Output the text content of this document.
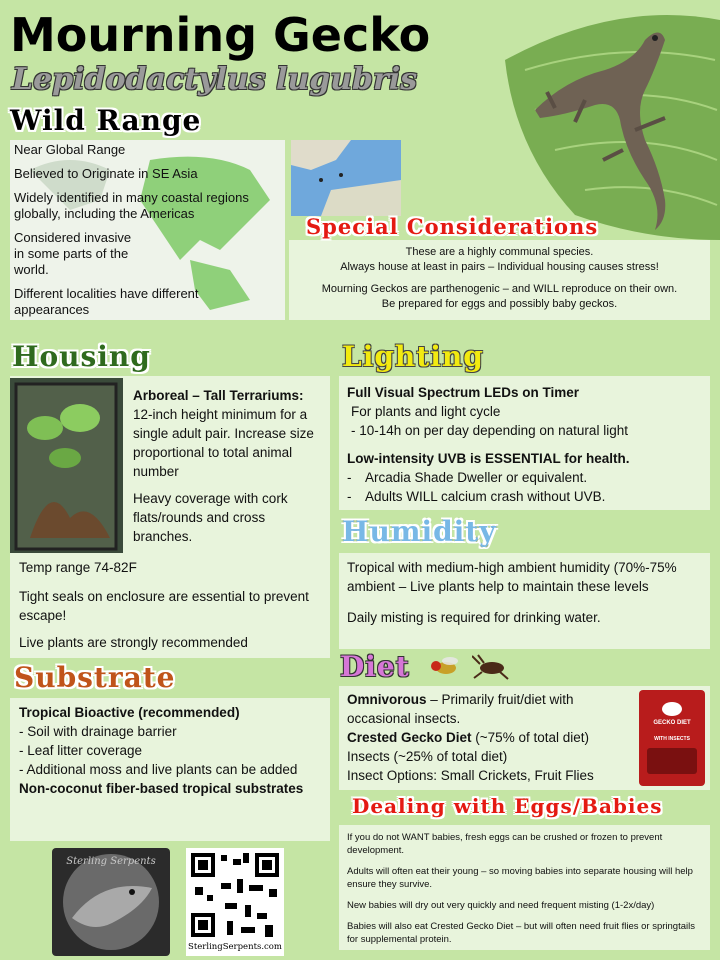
Mourning Gecko
Lepidodactylus lugubris
Wild Range

Near Global Range

Believed to Originate in SE Asia

Widely identified in many coastal regions globally, including the Americas

Considered invasive in some parts of the world.

Different localities have different appearances

These are a highly communal species.

Always house at least in pairs – Individual housing causes stress!

Mourning Geckos are parthenogenic – and WILL reproduce on their own.

Be prepared for eggs and possibly baby geckos.

Special Considerations
Housing

Arboreal – Tall Terrariums:

12-inch height minimum for a single adult pair. Increase size proportional to total animal number

Heavy coverage with cork flats/rounds and cross branches.

Temp range 74-82F

Tight seals on enclosure are essential to prevent escape!

Live plants are strongly recommended

Substrate

Tropical Bioactive (recommended)

- Soil with drainage barrier

- Leaf litter coverage

- Additional moss and live plants can be added

Non-coconut fiber-based tropical substrates

Sterling Serpents
SterlingSerpents.com
Lighting

Full Visual Spectrum LEDs on Timer

For plants and light cycle

- 10-14h on per day depending on natural light

Low-intensity UVB is ESSENTIAL for health.

- Arcadia Shade Dweller or equivalent.

- Adults WILL calcium crash without UVB.

Humidity

Tropical with medium-high ambient humidity (70%-75% ambient – Live plants help to maintain these levels

Daily misting is required for drinking water.

Diet

Omnivorous – Primarily fruit/diet with occasional insects.

Crested Gecko Diet (~75% of total diet)

Insects (~25% of total diet)

Insect Options: Small Crickets, Fruit Flies

GECKO DIET
WITH INSECTS
Dealing with Eggs/Babies

If you do not WANT babies, fresh eggs can be crushed or frozen to prevent development.

Adults will often eat their young – so moving babies into separate housing will help ensure they survive.

New babies will dry out very quickly and need frequent misting (1-2x/day)

Babies will also eat Crested Gecko Diet – but will often need fruit flies or springtails for supplemental protein.
